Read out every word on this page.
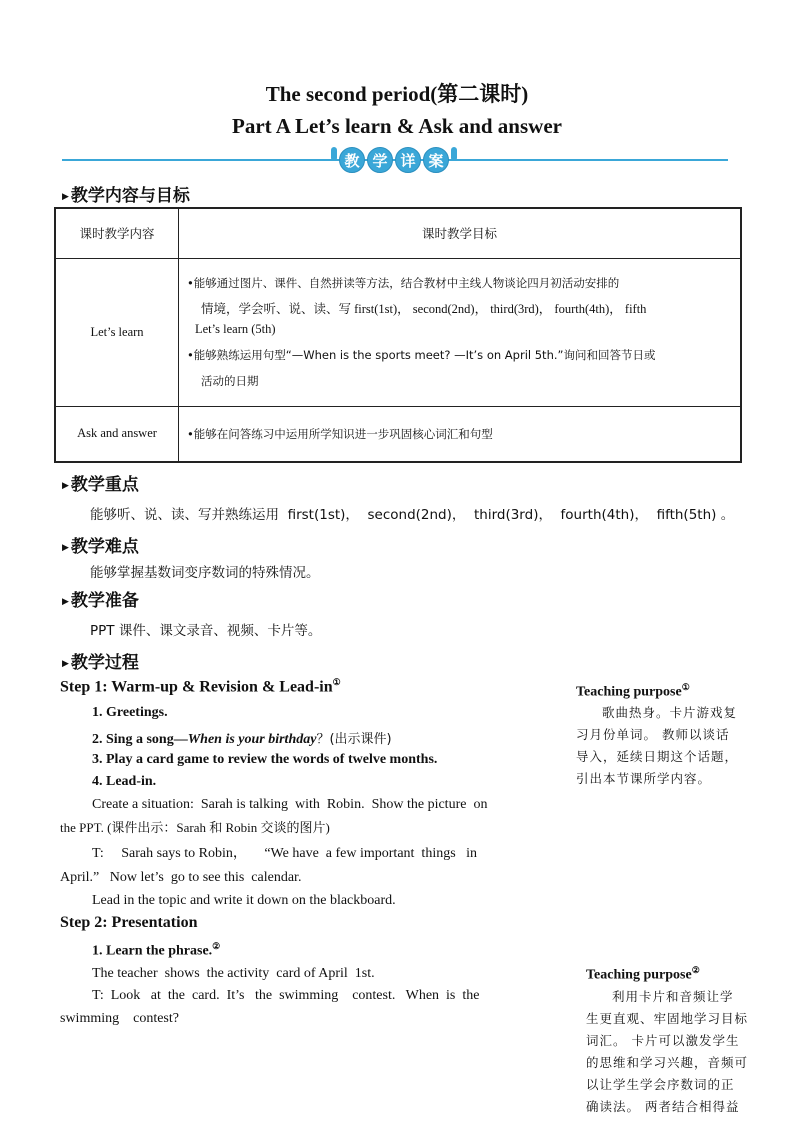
The second period(第二课时)
Part A Let’s learn & Ask and answer
教 学 详 案
▶ 教学内容与目标
课时教学内容	课时教学目标
Let’s learn	•能够通过图片、课件、自然拼读等方法，结合教材中主线人物谈论四月初活动安排的
情境，学会听、说、读、写 first(1st)， second(2nd)， third(3rd)， fourth(4th)， fifth
Let’s learn (5th)
•能够熟练运用句型“—When is the sports meet? —It’s on April 5th.”询问和回答节日或
活动的日期

Ask and answer	•能够在问答练习中运用所学知识进一步巩固核心词汇和句型
▶ 教学重点
能够听、说、读、写并熟练运用  first(1st)，  second(2nd)，  third(3rd)，  fourth(4th)，  fifth(5th) 。
▶ 教学难点
能够掌握基数词变序数词的特殊情况。
▶ 教学准备
PPT 课件、课文录音、视频、卡片等。
▶ 教学过程
Step 1: Warm-up & Revision & Lead-in①
1. Greetings.
2. Sing a song—When is your birthday？(出示课件)
3. Play a card game to review the words of twelve months.
4. Lead-in.
Create a situation:  Sarah is talking  with  Robin.  Show the picture  on
the PPT. (课件出示：Sarah 和 Robin 交谈的图片)
T:     Sarah says to Robin，     “We have  a few important  things   in
April.”   Now let’s  go to see this  calendar.
Lead in the topic and write it down on the blackboard.
Step 2: Presentation
1. Learn the phrase.②
The teacher  shows  the activity  card of April  1st.
T:  Look   at  the  card.  It’s   the  swimming    contest.   When  is  the
swimming    contest?
Teaching purpose①
歌曲热身。卡片游戏复
习月份单词。 教师以谈话
导入，延续日期这个话题，
引出本节课所学内容。
Teaching purpose②
利用卡片和音频让学
生更直观、牢固地学习目标
词汇。 卡片可以激发学生
的思维和学习兴趣，音频可
以让学生学会序数词的正
确读法。 两者结合相得益
